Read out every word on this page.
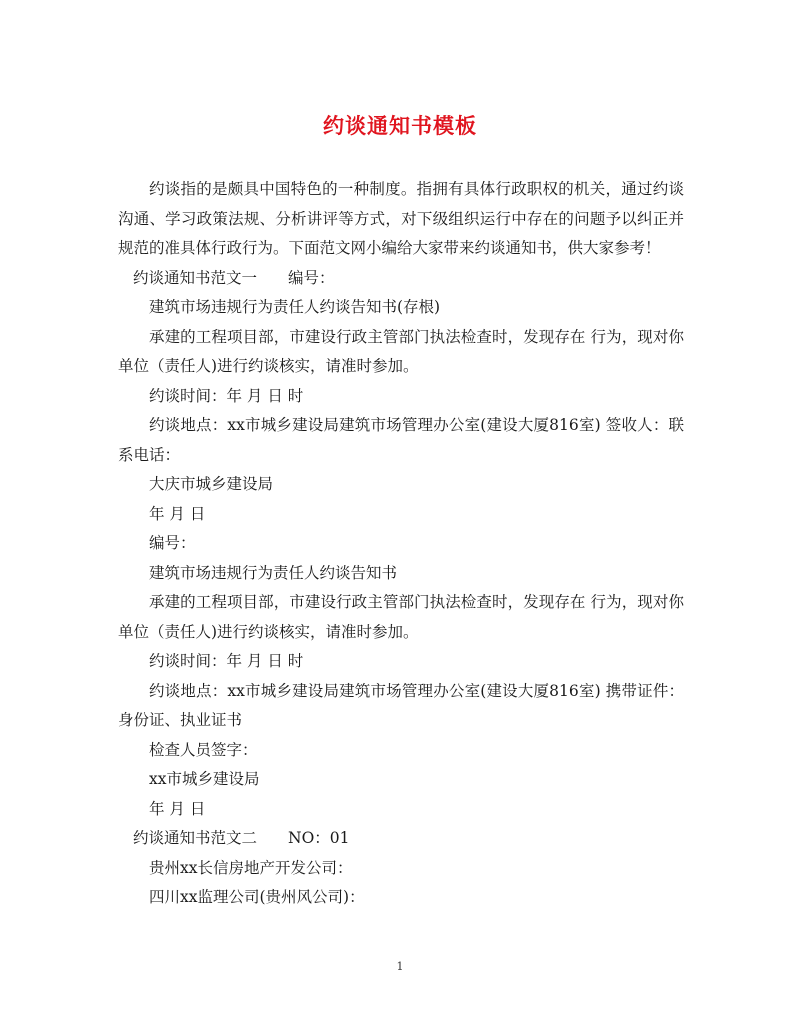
约谈通知书模板

约谈指的是颇具中国特色的一种制度。指拥有具体行政职权的机关，通过约谈沟通、学习政策法规、分析讲评等方式，对下级组织运行中存在的问题予以纠正并规范的准具体行政行为。下面范文网小编给大家带来约谈通知书，供大家参考！

约谈通知书范文一　　编号：

建筑市场违规行为责任人约谈告知书(存根)

承建的工程项目部，市建设行政主管部门执法检查时，发现存在 行为，现对你单位（责任人)进行约谈核实，请准时参加。

约谈时间：年 月 日 时

约谈地点：xx市城乡建设局建筑市场管理办公室(建设大厦816室) 签收人：联系电话：

大庆市城乡建设局

年 月 日

编号：

建筑市场违规行为责任人约谈告知书

承建的工程项目部，市建设行政主管部门执法检查时，发现存在 行为，现对你单位（责任人)进行约谈核实，请准时参加。

约谈时间：年 月 日 时

约谈地点：xx市城乡建设局建筑市场管理办公室(建设大厦816室) 携带证件：身份证、执业证书

检查人员签字：

xx市城乡建设局

年 月 日

约谈通知书范文二　　NO：01

贵州xx长信房地产开发公司：

四川xx监理公司(贵州风公司)：

1
